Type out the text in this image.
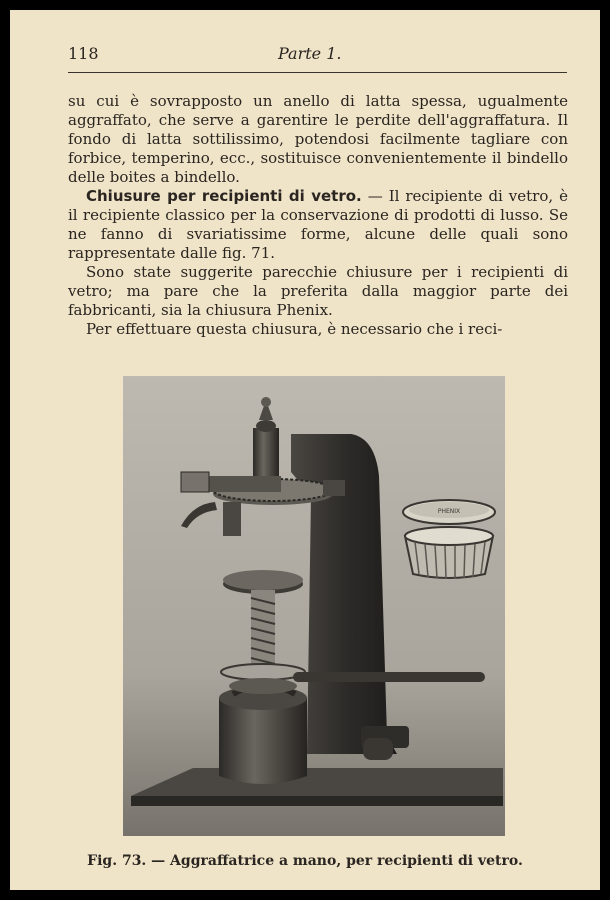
118	Parte 1.

su cui è sovrapposto un anello di latta spessa, ugualmente aggraffato, che serve a garentire le perdite dell'aggraffatura. Il fondo di latta sottilissimo, potendosi facilmente tagliare con forbice, temperino, ecc., sostituisce convenientemente il bindello delle boites a bindello.

Chiusure per recipienti di vetro. — Il recipiente di vetro, è il recipiente classico per la conservazione di prodotti di lusso. Se ne fanno di svariatissime forme, alcune delle quali sono rappresentate dalle fig. 71.

Sono state suggerite parecchie chiusure per i recipienti di vetro; ma pare che la preferita dalla maggior parte dei fabbricanti, sia la chiusura Phenix.

Per effettuare questa chiusura, è necessario che i reci-

PHENIX
Fig. 73. — Aggraffatrice a mano, per recipienti di vetro.
